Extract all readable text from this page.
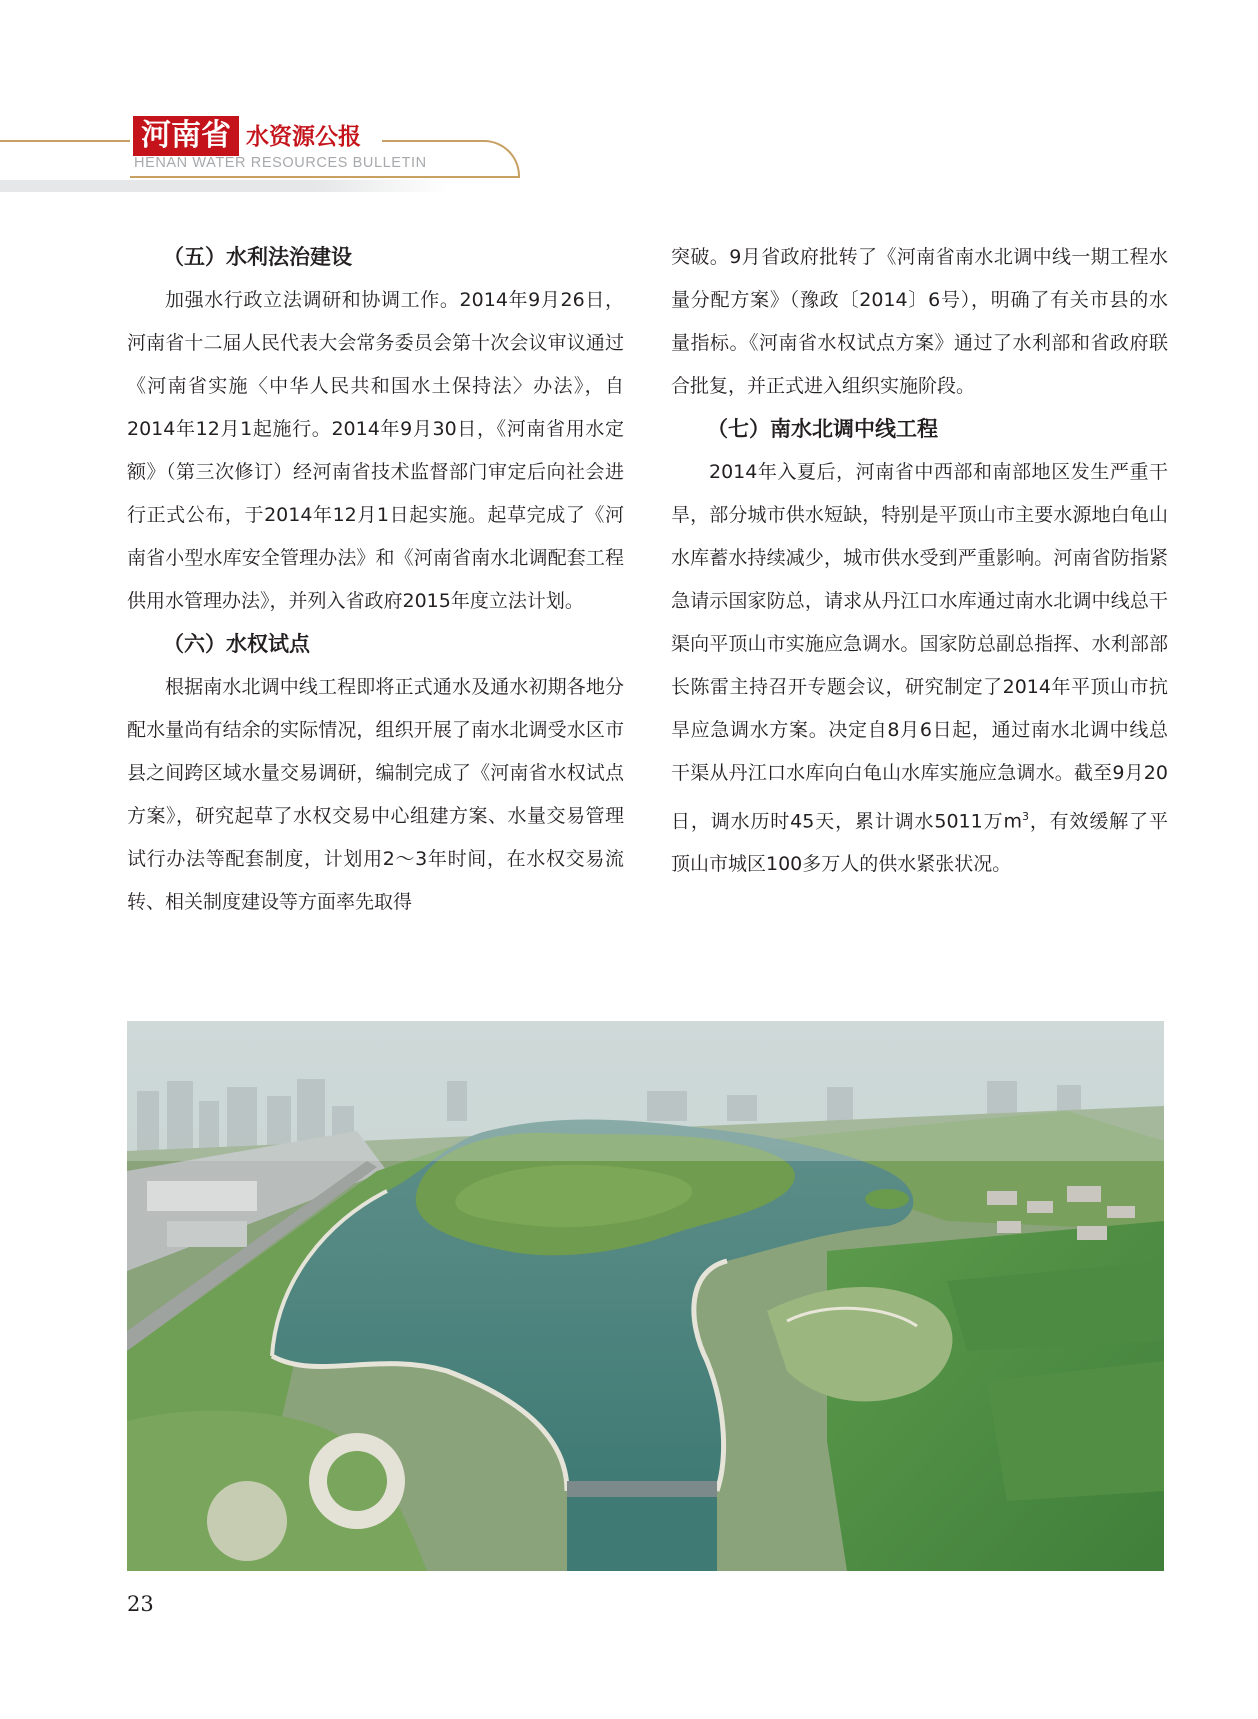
河南省 水资源公报
HENAN WATER RESOURCES BULLETIN
（五）水利法治建设

加强水行政立法调研和协调工作。2014年9月26日，河南省十二届人民代表大会常务委员会第十次会议审议通过《河南省实施〈中华人民共和国水土保持法〉办法》，自2014年12月1起施行。2014年9月30日，《河南省用水定额》（第三次修订）经河南省技术监督部门审定后向社会进行正式公布，于2014年12月1日起实施。起草完成了《河南省小型水库安全管理办法》和《河南省南水北调配套工程供用水管理办法》，并列入省政府2015年度立法计划。

（六）水权试点

根据南水北调中线工程即将正式通水及通水初期各地分配水量尚有结余的实际情况，组织开展了南水北调受水区市县之间跨区域水量交易调研，编制完成了《河南省水权试点方案》，研究起草了水权交易中心组建方案、水量交易管理试行办法等配套制度，计划用2～3年时间，在水权交易流转、相关制度建设等方面率先取得

突破。9月省政府批转了《河南省南水北调中线一期工程水量分配方案》（豫政〔2014〕6号），明确了有关市县的水量指标。《河南省水权试点方案》通过了水利部和省政府联合批复，并正式进入组织实施阶段。

（七）南水北调中线工程

2014年入夏后，河南省中西部和南部地区发生严重干旱，部分城市供水短缺，特别是平顶山市主要水源地白龟山水库蓄水持续减少，城市供水受到严重影响。河南省防指紧急请示国家防总，请求从丹江口水库通过南水北调中线总干渠向平顶山市实施应急调水。国家防总副总指挥、水利部部长陈雷主持召开专题会议，研究制定了2014年平顶山市抗旱应急调水方案。决定自8月6日起，通过南水北调中线总干渠从丹江口水库向白龟山水库实施应急调水。截至9月20日，调水历时45天，累计调水5011万$m^3$，有效缓解了平顶山市城区100多万人的供水紧张状况。

23
